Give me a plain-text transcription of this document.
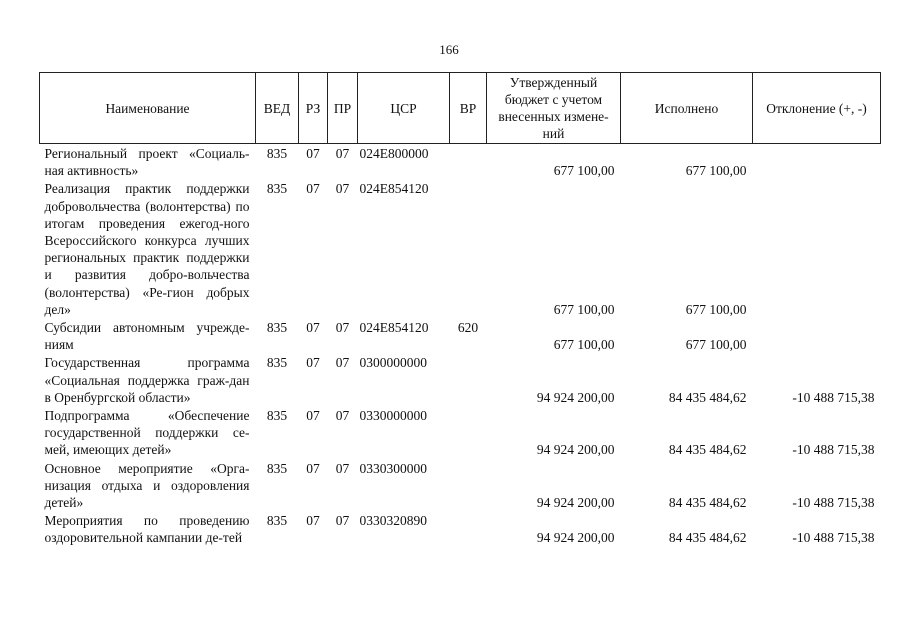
166
Наименование	ВЕД	РЗ	ПР	ЦСР	ВР	Утвержденный бюджет с учетом внесенных измене-ний	Исполнено	Отклонение (+, -)
Региональный проект «Социаль-ная активность»	835	07	07	024E800000		677 100,00	677 100,00	
Реализация практик поддержки добровольчества (волонтерства) по итогам проведения ежегод-ного Всероссийского конкурса лучших региональных практик поддержки и развития добро-вольчества (волонтерства) «Ре-гион добрых дел»	835	07	07	024E854120		677 100,00	677 100,00	
Субсидии автономным учрежде-ниям	835	07	07	024E854120	620	677 100,00	677 100,00	
Государственная программа «Социальная поддержка граж-дан в Оренбургской области»	835	07	07	0300000000		94 924 200,00	84 435 484,62	-10 488 715,38
Подпрограмма «Обеспечение государственной поддержки се-мей, имеющих детей»	835	07	07	0330000000		94 924 200,00	84 435 484,62	-10 488 715,38
Основное мероприятие «Орга-низация отдыха и оздоровления детей»	835	07	07	0330300000		94 924 200,00	84 435 484,62	-10 488 715,38
Мероприятия по проведению оздоровительной кампании де-тей	835	07	07	0330320890		94 924 200,00	84 435 484,62	-10 488 715,38
